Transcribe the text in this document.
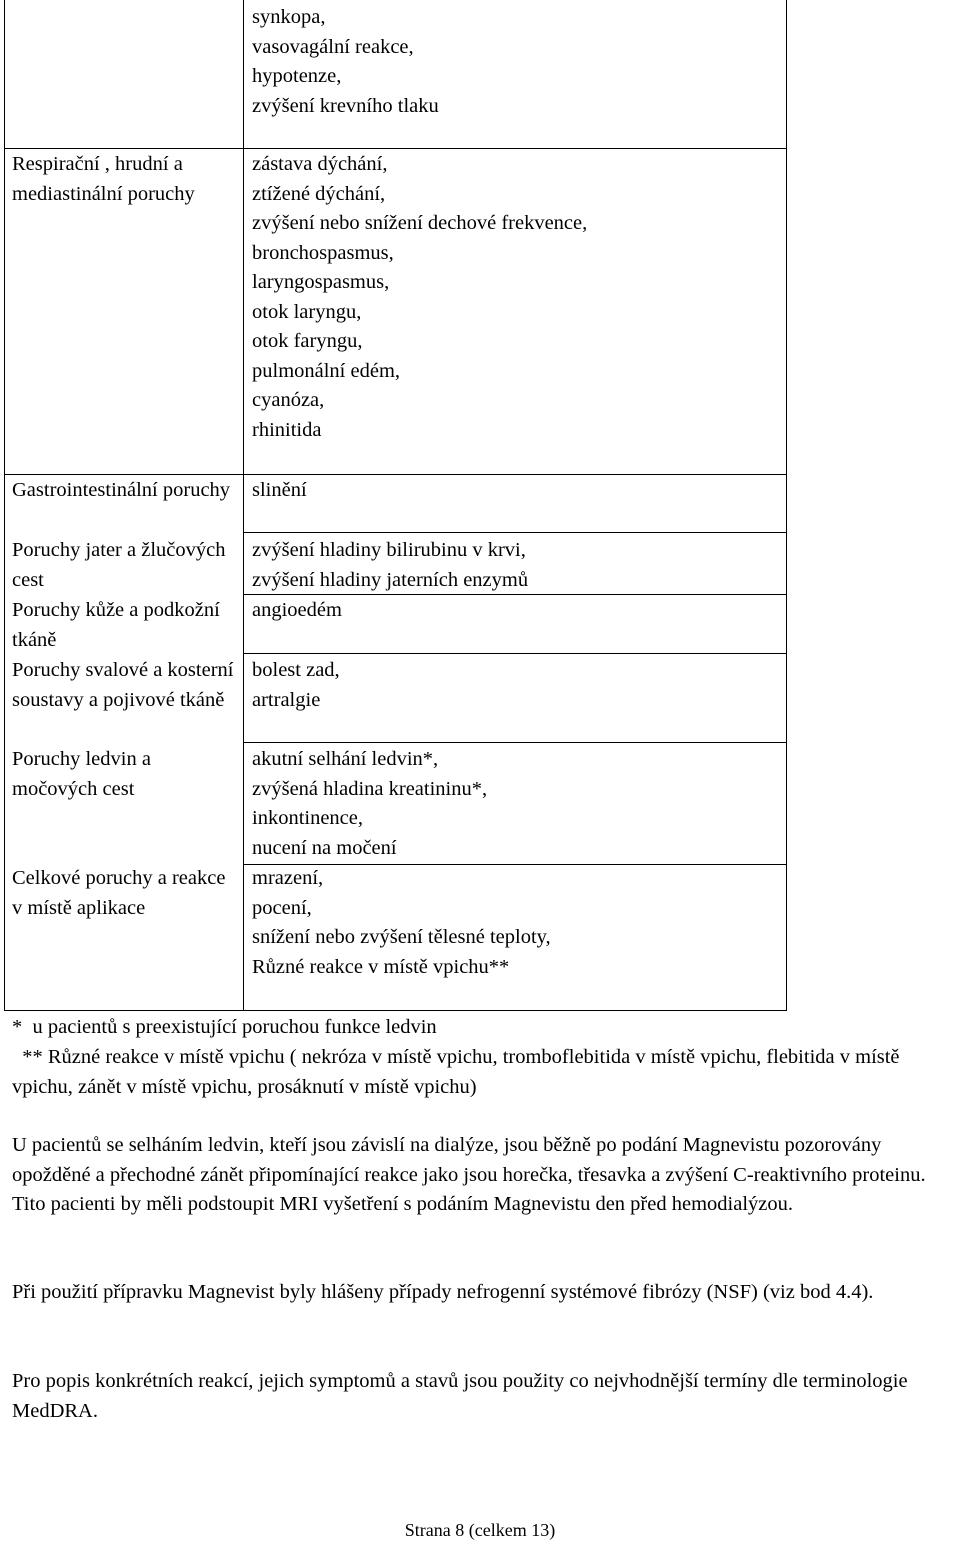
Respirační , hrudní a mediastinální poruchy
Gastrointestinální poruchy
Poruchy jater a žlučových cest
Poruchy kůže a podkožní tkáně
Poruchy svalové a kosterní soustavy a pojivové tkáně
Poruchy ledvin a močových cest
Celkové poruchy a reakce v místě aplikace
synkopa,
vasovagální reakce,
hypotenze,
zvýšení krevního tlaku
zástava dýchání,
ztížené dýchání,
zvýšení nebo snížení dechové frekvence,
bronchospasmus,
laryngospasmus,
otok laryngu,
otok faryngu,
pulmonální edém,
cyanóza,
rhinitida
slinění
zvýšení hladiny bilirubinu v krvi,
zvýšení hladiny jaterních enzymů
angioedém
bolest zad,
artralgie
akutní selhání ledvin*,
zvýšená hladina kreatininu*,
inkontinence,
nucení na močení
mrazení,
pocení,
snížení nebo zvýšení tělesné teploty,
Různé reakce v místě vpichu**
*  u pacientů s preexistující poruchou funkce ledvin
** Různé reakce v místě vpichu ( nekróza v místě vpichu, tromboflebitida v místě vpichu, flebitida v místě vpichu, zánět v místě vpichu, prosáknutí v místě vpichu)
U pacientů se selháním ledvin, kteří jsou závislí na dialýze, jsou běžně po podání Magnevistu pozorovány opožděné a přechodné zánět připomínající reakce jako jsou horečka, třesavka a zvýšení C-reaktivního proteinu. Tito pacienti by měli podstoupit MRI vyšetření s podáním Magnevistu den před hemodialýzou.
Při použití přípravku Magnevist byly hlášeny případy nefrogenní systémové fibrózy (NSF) (viz bod 4.4).
Pro popis konkrétních reakcí, jejich symptomů a stavů jsou použity co nejvhodnější termíny dle terminologie MedDRA.
Strana 8 (celkem 13)
